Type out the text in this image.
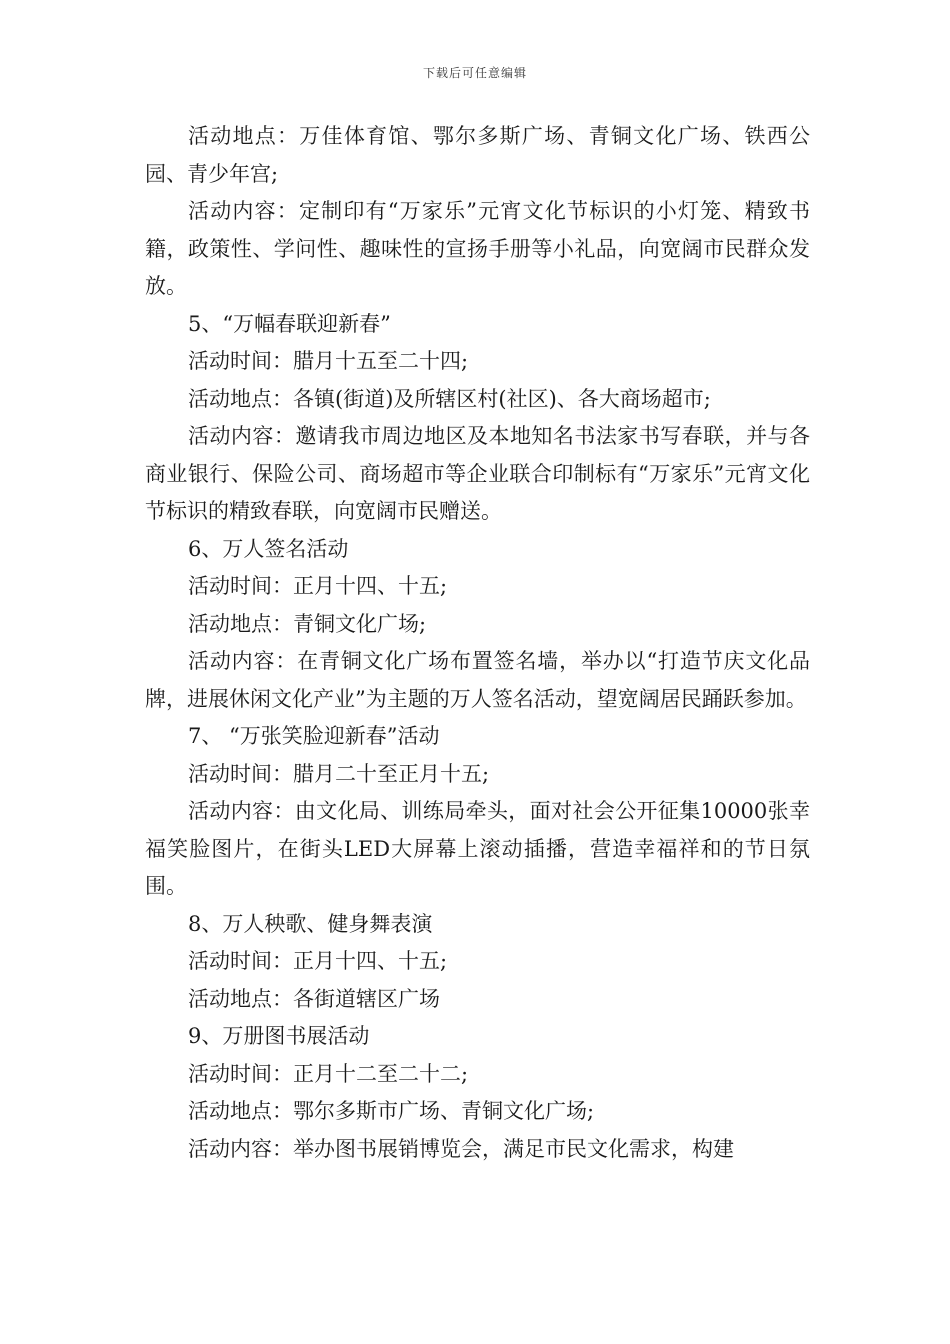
下载后可任意编辑

活动地点：万佳体育馆、鄂尔多斯广场、青铜文化广场、铁西公园、青少年宫;

活动内容：定制印有“万家乐”元宵文化节标识的小灯笼、精致书籍，政策性、学问性、趣味性的宣扬手册等小礼品，向宽阔市民群众发放。

5、“万幅春联迎新春”

活动时间：腊月十五至二十四;

活动地点：各镇(街道)及所辖区村(社区)、各大商场超市;

活动内容：邀请我市周边地区及本地知名书法家书写春联，并与各商业银行、保险公司、商场超市等企业联合印制标有“万家乐”元宵文化节标识的精致春联，向宽阔市民赠送。

6、万人签名活动

活动时间：正月十四、十五;

活动地点：青铜文化广场;

活动内容：在青铜文化广场布置签名墙，举办以“打造节庆文化品牌，进展休闲文化产业”为主题的万人签名活动，望宽阔居民踊跃参加。

7、 “万张笑脸迎新春”活动

活动时间：腊月二十至正月十五;

活动内容：由文化局、训练局牵头，面对社会公开征集10000张幸福笑脸图片，在街头LED大屏幕上滚动插播，营造幸福祥和的节日氛围。

8、万人秧歌、健身舞表演

活动时间：正月十四、十五;

活动地点：各街道辖区广场

9、万册图书展活动

活动时间：正月十二至二十二;

活动地点：鄂尔多斯市广场、青铜文化广场;

活动内容：举办图书展销博览会，满足市民文化需求，构建
